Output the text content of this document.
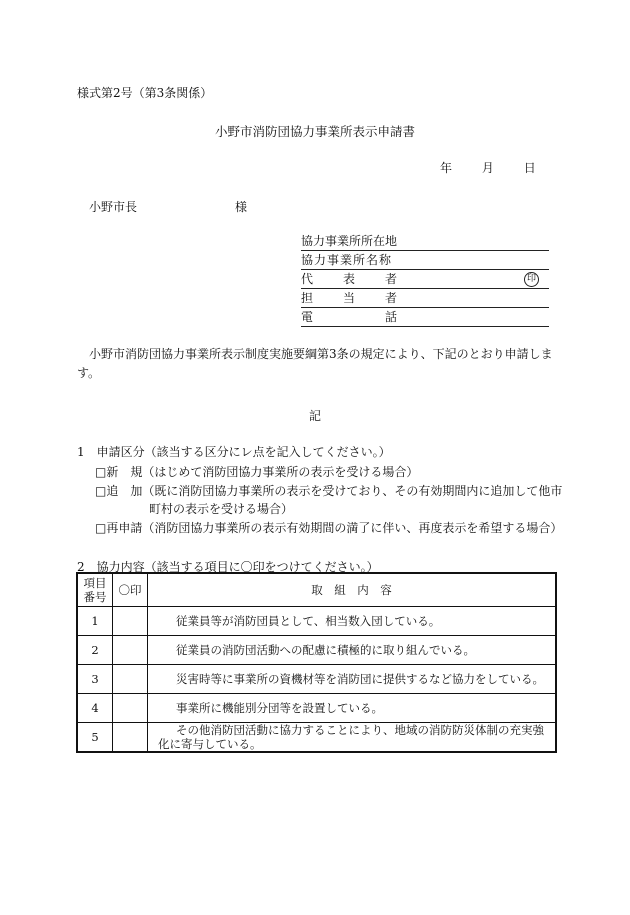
様式第2号（第3条関係）
小野市消防団協力事業所表示申請書
年 月 日
小野市長	様
協力事業所所在地
協力事業所名称
代 表 者	印
担 当 者
電	話
小野市消防団協力事業所表示制度実施要綱第3条の規定により、下記のとおり申請します。
記
1　申請区分（該当する区分にレ点を記入してください。）
□新　規（はじめて消防団協力事業所の表示を受ける場合）
□追　加（既に消防団協力事業所の表示を受けており、その有効期間内に追加して他市
町村の表示を受ける場合）
□再申請（消防団協力事業所の表示有効期間の満了に伴い、再度表示を希望する場合）
2　協力内容（該当する項目に〇印をつけてください。）
項目
番号	〇印	取　組　内　容
1		従業員等が消防団員として、相当数入団している。
2		従業員の消防団活動への配慮に積極的に取り組んでいる。
3		災害時等に事業所の資機材等を消防団に提供するなど協力をしている。
4		事業所に機能別分団等を設置している。
5		その他消防団活動に協力することにより、地域の消防防災体制の充実強
化に寄与している。
